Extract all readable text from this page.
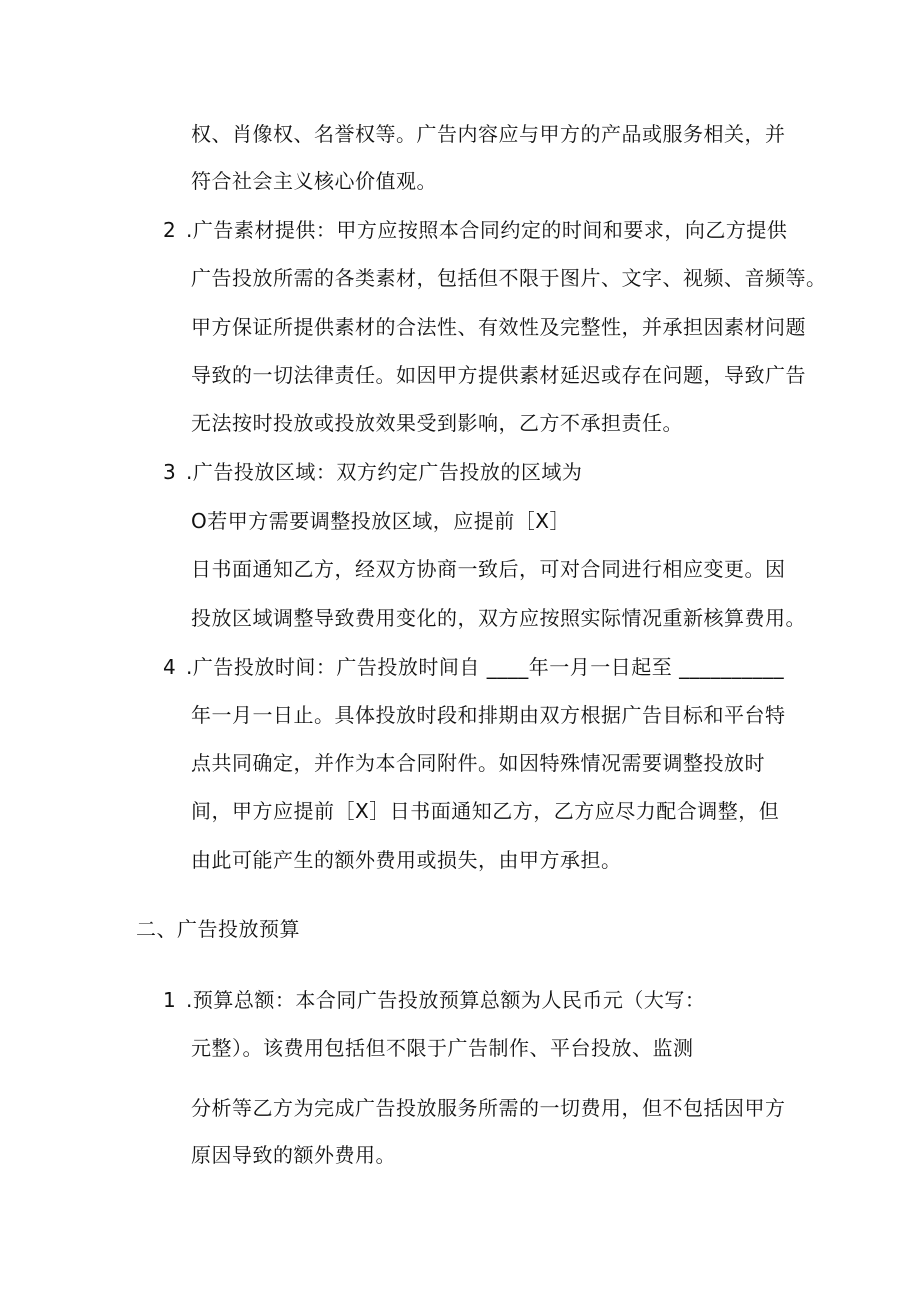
权、肖像权、名誉权等。广告内容应与甲方的产品或服务相关，并
符合社会主义核心价值观。
2 .广告素材提供：甲方应按照本合同约定的时间和要求，向乙方提供
广告投放所需的各类素材，包括但不限于图片、文字、视频、音频等。
甲方保证所提供素材的合法性、有效性及完整性，并承担因素材问题
导致的一切法律责任。如因甲方提供素材延迟或存在问题，导致广告
无法按时投放或投放效果受到影响，乙方不承担责任。
3 .广告投放区域：双方约定广告投放的区域为
O若甲方需要调整投放区域，应提前［X］
日书面通知乙方，经双方协商一致后，可对合同进行相应变更。因
投放区域调整导致费用变化的，双方应按照实际情况重新核算费用。
4 .广告投放时间：广告投放时间自 ____年一月一日起至 __________
年一月一日止。具体投放时段和排期由双方根据广告目标和平台特
点共同确定，并作为本合同附件。如因特殊情况需要调整投放时
间，甲方应提前［X］日书面通知乙方，乙方应尽力配合调整，但
由此可能产生的额外费用或损失，由甲方承担。
二、广告投放预算
1 .预算总额：本合同广告投放预算总额为人民币元（大写：
元整）。该费用包括但不限于广告制作、平台投放、监测
分析等乙方为完成广告投放服务所需的一切费用，但不包括因甲方
原因导致的额外费用。
